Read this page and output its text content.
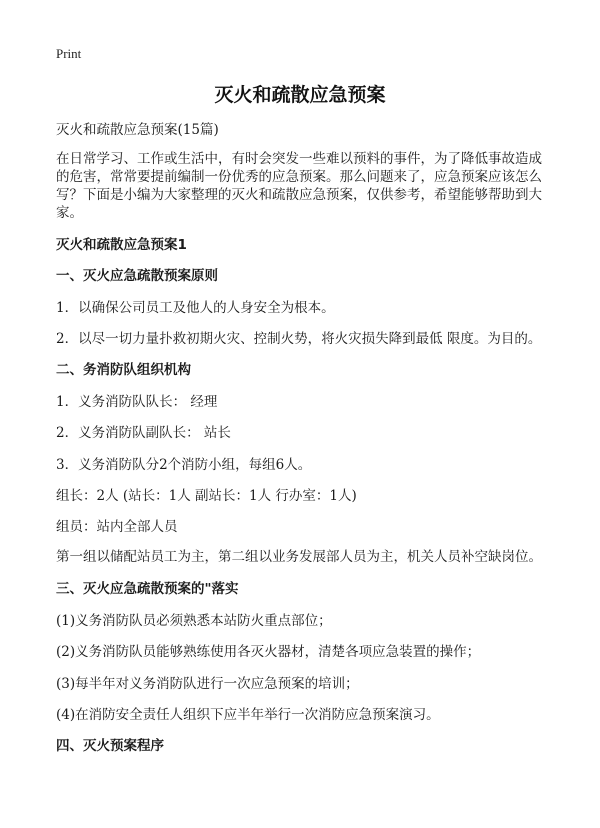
Print
灭火和疏散应急预案
灭火和疏散应急预案(15篇)
在日常学习、工作或生活中，有时会突发一些难以预料的事件，为了降低事故造成
的危害，常常要提前编制一份优秀的应急预案。那么问题来了，应急预案应该怎么
写？下面是小编为大家整理的灭火和疏散应急预案，仅供参考，希望能够帮助到大
家。
灭火和疏散应急预案1
一、灭火应急疏散预案原则
1．以确保公司员工及他人的人身安全为根本。
2．以尽一切力量扑救初期火灾、控制火势，将火灾损失降到最低 限度。为目的。
二、务消防队组织机构
1．义务消防队队长： 经理
2．义务消防队副队长： 站长
3．义务消防队分2个消防小组，每组6人。
组长：2人 (站长：1人 副站长：1人 行办室：1人)
组员：站内全部人员
第一组以储配站员工为主，第二组以业务发展部人员为主，机关人员补空缺岗位。
三、灭火应急疏散预案的"落实
(1)义务消防队员必须熟悉本站防火重点部位；
(2)义务消防队员能够熟练使用各灭火器材，清楚各项应急装置的操作；
(3)每半年对义务消防队进行一次应急预案的培训；
(4)在消防安全责任人组织下应半年举行一次消防应急预案演习。
四、灭火预案程序
